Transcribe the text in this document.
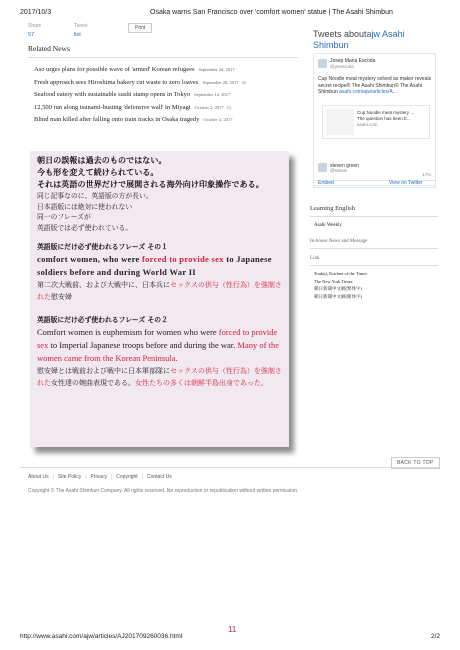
2017/10/3	Osaka warns San Francisco over 'comfort women' statue | The Asahi Shimbun
Share
57
Tweet
list
Print
Related News
Aso urges plans for possible wave of 'armed' Korean refugees September 24, 2017
Fresh approach sees Hiroshima bakery cut waste to zero loaves September 20, 2017 (6)
Seafood eatery with sustainable sushi stamp opens in Tokyo September 14, 2017
12,500 run along tsunami-busting 'defensive wall' in Miyagi October 2, 2017 (5)
Blind man killed after falling onto train tracks in Osaka tragedy October 2, 2017
Tweets aboutajw Asahi Shimbun
Josep Maria Escoda
@jmescoda
Cup Noodle meat mystery solved as maker reveals secret recipe® The Asahi Shimbun© The Asahi Shimbun asahi.com/ajw/articles/A...
Cup Noodle meat mystery …
The question has been b…
asahi.com
17m
steven green
@stslein
Embed	View on Twitter
Learning English
Asahi Weekly
In-house News and Message
Link
Toukiji, Kitchen of the Times
The New York Times
朝日新聞中文網(繁体字)
朝日新聞中文網(簡体字)
朝日の誤報は過去のものではない。
今も形を変えて続けられている。
それは英語の世界だけで展開される海外向け印象操作である。
同じ記事なのに、英語版の方が長い。
日本語版には絶対に使われない
同一のフレーズが
英語版では必ず使われている。
英語版にだけ必ず使われるフレーズ その１
comfort women, who were forced to provide sex to Japanese soldiers before and during World War II
第二次大戦前、および大戦中に、日本兵にセックスの供与（性行為）を強制された慰安婦
英語版にだけ必ず使われるフレーズ その２
Comfort women is euphemism for women who were forced to provide sex to Imperial Japanese troops before and during the war. Many of the women came from the Korean Peninsula.
慰安婦とは戦前および戦中に日本軍部隊にセックスの供与（性行為）を強制された女性達の婉曲表現である。女性たちの多くは朝鮮半島出身であった。
BACK TO TOP
About Us | Site Policy | Privacy | Copyright | Contact Us
Copyright © The Asahi Shimbun Company. All rights reserved. No reproduction or republication without written permission.
11
http://www.asahi.com/ajw/articles/AJ201709260036.html	2/2
